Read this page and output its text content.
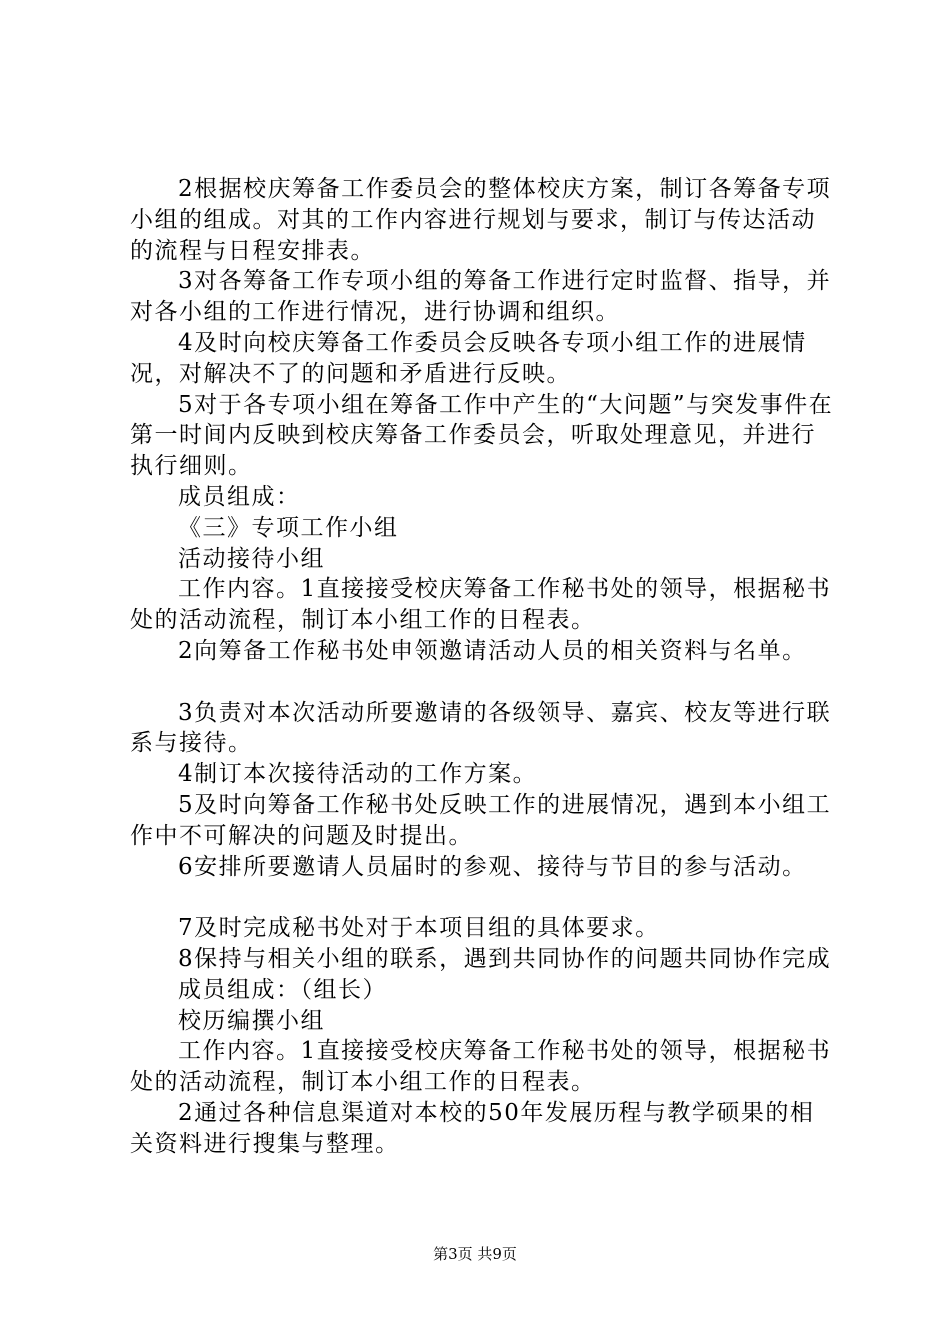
2根据校庆筹备工作委员会的整体校庆方案，制订各筹备专项小组的组成。对其的工作内容进行规划与要求，制订与传达活动的流程与日程安排表。

3对各筹备工作专项小组的筹备工作进行定时监督、指导，并对各小组的工作进行情况，进行协调和组织。

4及时向校庆筹备工作委员会反映各专项小组工作的进展情况，对解决不了的问题和矛盾进行反映。

5对于各专项小组在筹备工作中产生的“大问题”与突发事件在第一时间内反映到校庆筹备工作委员会，听取处理意见，并进行执行细则。

成员组成：

《三》专项工作小组

活动接待小组

工作内容。1直接接受校庆筹备工作秘书处的领导，根据秘书处的活动流程，制订本小组工作的日程表。

2向筹备工作秘书处申领邀请活动人员的相关资料与名单。

3负责对本次活动所要邀请的各级领导、嘉宾、校友等进行联系与接待。

4制订本次接待活动的工作方案。

5及时向筹备工作秘书处反映工作的进展情况，遇到本小组工作中不可解决的问题及时提出。

6安排所要邀请人员届时的参观、接待与节目的参与活动。

7及时完成秘书处对于本项目组的具体要求。

8保持与相关小组的联系，遇到共同协作的问题共同协作完成

成员组成：（组长）

校历编撰小组

工作内容。1直接接受校庆筹备工作秘书处的领导，根据秘书处的活动流程，制订本小组工作的日程表。

2通过各种信息渠道对本校的50年发展历程与教学硕果的相关资料进行搜集与整理。

第3页 共9页
